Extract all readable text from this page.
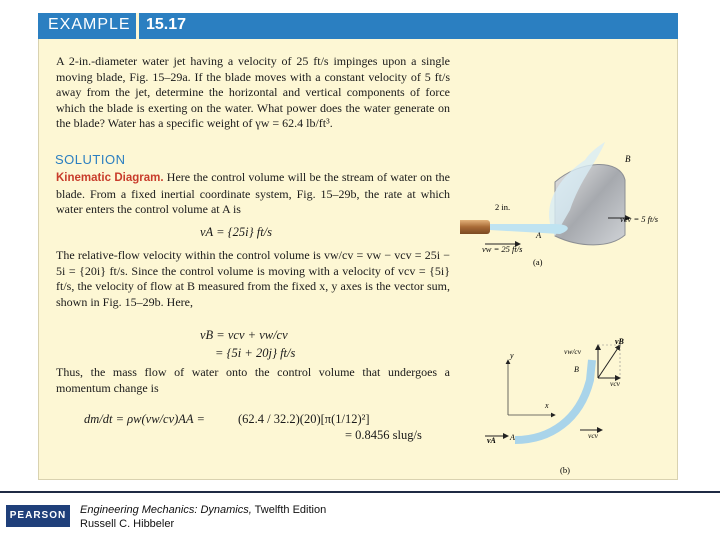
EXAMPLE 15.17

A 2-in.-diameter water jet having a velocity of 25 ft/s impinges upon a single moving blade, Fig. 15–29a. If the blade moves with a constant velocity of 5 ft/s away from the jet, determine the horizontal and vertical components of force which the blade is exerting on the water. What power does the water generate on the blade? Water has a specific weight of γw = 62.4 lb/ft³.

SOLUTION

Kinematic Diagram. Here the control volume will be the stream of water on the blade. From a fixed inertial coordinate system, Fig. 15–29b, the rate at which water enters the control volume at A is

vA = {25i} ft/s

The relative-flow velocity within the control volume is vw/cv = vw − vcv = 25i − 5i = {20i} ft/s. Since the control volume is moving with a velocity of vcv = {5i} ft/s, the velocity of flow at B measured from the fixed x, y axes is the vector sum, shown in Fig. 15–29b. Here,

vB = vcv + vw/cv
= {5i + 20j} ft/s

Thus, the mass flow of water onto the control volume that undergoes a momentum change is

dm/dt = ρw(vw/cv)AA =	(62.4 / 32.2)(20)[π(1/12)²]
= 0.8456 slug/s
B
2 in.
vcv = 5 ft/s
A
vw = 25 ft/s
(a)
y
x
vB
vw/cv
B
vcv
vA A	vcv
(b)
PEARSON	Engineering Mechanics: Dynamics, Twelfth Edition
Russell C. Hibbeler
